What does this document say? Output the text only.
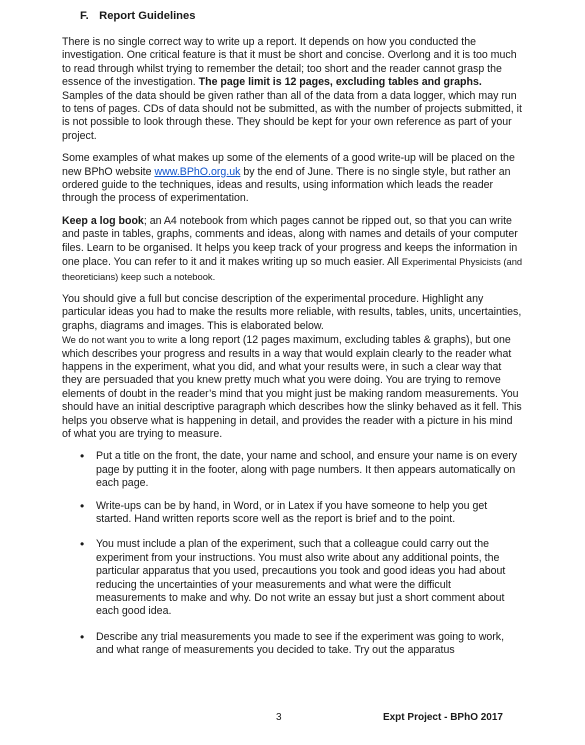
F. Report Guidelines

There is no single correct way to write up a report. It depends on how you conducted the investigation. One critical feature is that it must be short and concise. Overlong and it is too much to read through whilst trying to remember the detail; too short and the reader cannot grasp the essence of the investigation. The page limit is 12 pages, excluding tables and graphs. Samples of the data should be given rather than all of the data from a data logger, which may run to tens of pages. CDs of data should not be submitted, as with the number of projects submitted, it is not possible to look through these. They should be kept for your own reference as part of your project.

Some examples of what makes up some of the elements of a good write-up will be placed on the new BPhO website www.BPhO.org.uk by the end of June. There is no single style, but rather an ordered guide to the techniques, ideas and results, using information which leads the reader through the process of experimentation.

Keep a log book; an A4 notebook from which pages cannot be ripped out, so that you can write and paste in tables, graphs, comments and ideas, along with names and details of your computer files. Learn to be organised. It helps you keep track of your progress and keeps the information in one place. You can refer to it and it makes writing up so much easier. All Experimental Physicists (and theoreticians) keep such a notebook.

You should give a full but concise description of the experimental procedure. Highlight any particular ideas you had to make the results more reliable, with results, tables, units, uncertainties, graphs, diagrams and images. This is elaborated below.
We do not want you to write a long report (12 pages maximum, excluding tables & graphs), but one which describes your progress and results in a way that would explain clearly to the reader what happens in the experiment, what you did, and what your results were, in such a clear way that they are persuaded that you knew pretty much what you were doing. You are trying to remove elements of doubt in the reader’s mind that you might just be making random measurements. You should have an initial descriptive paragraph which describes how the slinky behaved as it fell. This helps you observe what is happening in detail, and provides the reader with a picture in his mind of what you are trying to measure.

• Put a title on the front, the date, your name and school, and ensure your name is on every page by putting it in the footer, along with page numbers. It then appears automatically on each page.
• Write-ups can be by hand, in Word, or in Latex if you have someone to help you get started. Hand written reports score well as the report is brief and to the point.
• You must include a plan of the experiment, such that a colleague could carry out the experiment from your instructions. You must also write about any additional points, the particular apparatus that you used, precautions you took and good ideas you had about reducing the uncertainties of your measurements and what were the difficult measurements to make and why. Do not write an essay but just a short comment about each good idea.
• Describe any trial measurements you made to see if the experiment was going to work, and what range of measurements you decided to take. Try out the apparatus
3	Expt Project - BPhO 2017
